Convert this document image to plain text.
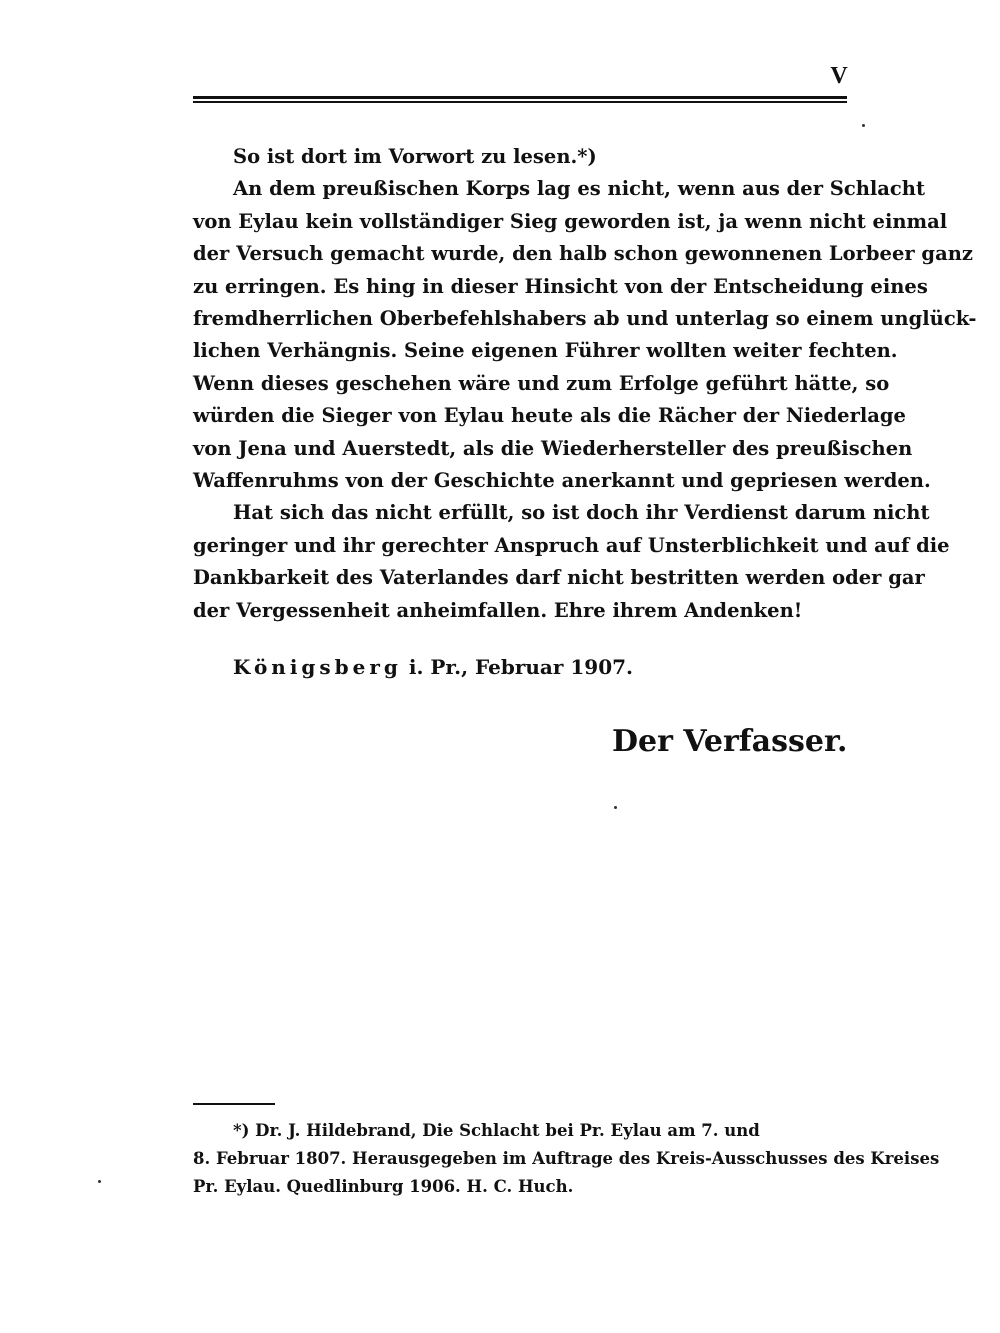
V
So ist dort im Vorwort zu lesen.*)
An dem preußischen Korps lag es nicht, wenn aus der Schlacht
von Eylau kein vollständiger Sieg geworden ist, ja wenn nicht einmal
der Versuch gemacht wurde, den halb schon gewonnenen Lorbeer ganz
zu erringen. Es hing in dieser Hinsicht von der Entscheidung eines
fremdherrlichen Oberbefehlshabers ab und unterlag so einem unglück-
lichen Verhängnis. Seine eigenen Führer wollten weiter fechten.
Wenn dieses geschehen wäre und zum Erfolge geführt hätte, so
würden die Sieger von Eylau heute als die Rächer der Niederlage
von Jena und Auerstedt, als die Wiederhersteller des preußischen
Waffenruhms von der Geschichte anerkannt und gepriesen werden.
Hat sich das nicht erfüllt, so ist doch ihr Verdienst darum nicht
geringer und ihr gerechter Anspruch auf Unsterblichkeit und auf die
Dankbarkeit des Vaterlandes darf nicht bestritten werden oder gar
der Vergessenheit anheimfallen. Ehre ihrem Andenken!
Königsberg i. Pr., Februar 1907.
Der Verfasser.
*) Dr. J. Hildebrand, Die Schlacht bei Pr. Eylau am 7. und
8. Februar 1807. Herausgegeben im Auftrage des Kreis-Ausschusses des Kreises
Pr. Eylau. Quedlinburg 1906. H. C. Huch.
